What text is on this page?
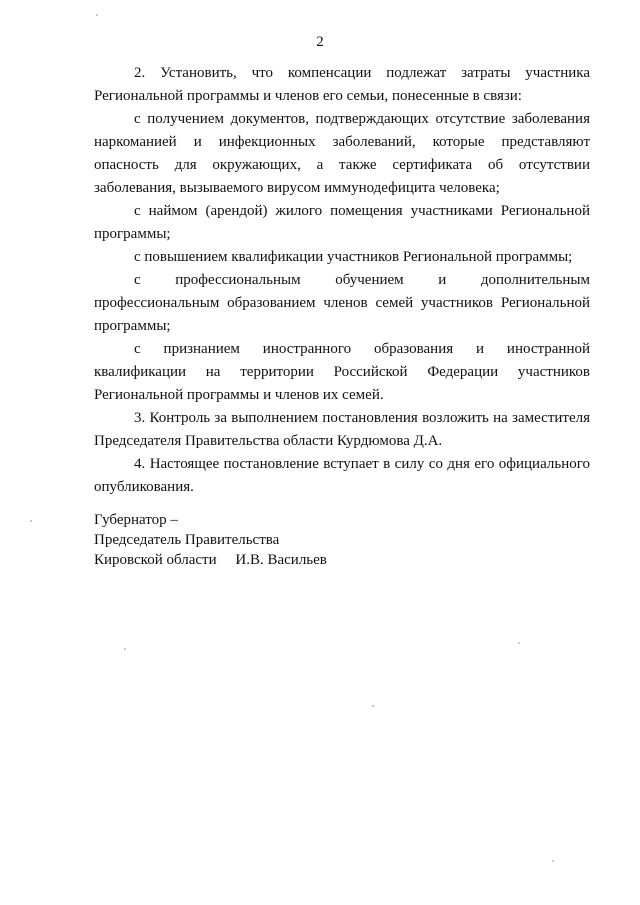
2

2. Установить, что компенсации подлежат затраты участника Региональной программы и членов его семьи, понесенные в связи:

с получением документов, подтверждающих отсутствие заболевания наркоманией и инфекционных заболеваний, которые представляют опасность для окружающих, а также сертификата об отсутствии заболевания, вызываемого вирусом иммунодефицита человека;

с наймом (арендой) жилого помещения участниками Региональной программы;

с повышением квалификации участников Региональной программы;

с профессиональным обучением и дополнительным профессиональным образованием членов семей участников Региональной программы;

с признанием иностранного образования и иностранной квалификации на территории Российской Федерации участников Региональной программы и членов их семей.

3. Контроль за выполнением постановления возложить на заместителя Председателя Правительства области Курдюмова Д.А.

4. Настоящее постановление вступает в силу со дня его официального опубликования.

Губернатор –
Председатель Правительства
Кировской области     И.В. Васильев
